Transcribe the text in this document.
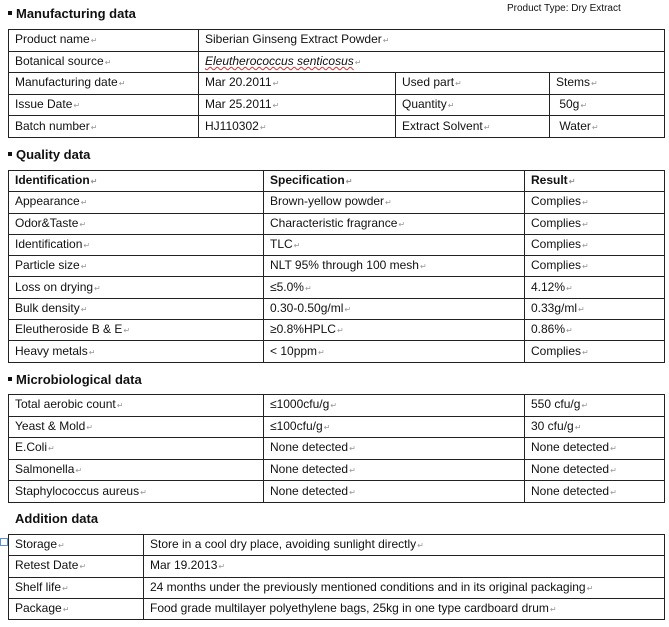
Product Type: Dry Extract
Manufacturing data
Product name ↵	Siberian Ginseng Extract Powder ↵
Botanical source ↵	Eleutherococcus senticosus ↵
Manufacturing date ↵	Mar 20.2011 ↵	Used part ↵	Stems ↵
Issue Date ↵	Mar 25.2011 ↵	Quantity ↵	50g ↵
Batch number ↵	HJ110302 ↵	Extract Solvent ↵	Water ↵
Quality data
Identification ↵	Specification ↵	Result ↵
Appearance ↵	Brown-yellow powder ↵	Complies ↵
Odor&Taste ↵	Characteristic fragrance ↵	Complies ↵
Identification ↵	TLC ↵	Complies ↵
Particle size ↵	NLT 95% through 100 mesh ↵	Complies ↵
Loss on drying ↵	≤5.0% ↵	4.12% ↵
Bulk density ↵	0.30-0.50g/ml ↵	0.33g/ml ↵
Eleutheroside B & E ↵	≥0.8%HPLC ↵	0.86% ↵
Heavy metals ↵	< 10ppm ↵	Complies ↵
Microbiological data
Total aerobic count ↵	≤1000cfu/g ↵	550 cfu/g ↵
Yeast & Mold ↵	≤100cfu/g ↵	30 cfu/g ↵
E.Coli ↵	None detected ↵	None detected ↵
Salmonella ↵	None detected ↵	None detected ↵
Staphylococcus aureus ↵	None detected ↵	None detected ↵
Addition data
Storage ↵	Store in a cool dry place, avoiding sunlight directly ↵
Retest Date ↵	Mar 19.2013 ↵
Shelf life ↵	24 months under the previously mentioned conditions and in its original packaging ↵
Package ↵	Food grade multilayer polyethylene bags, 25kg in one type cardboard drum ↵
